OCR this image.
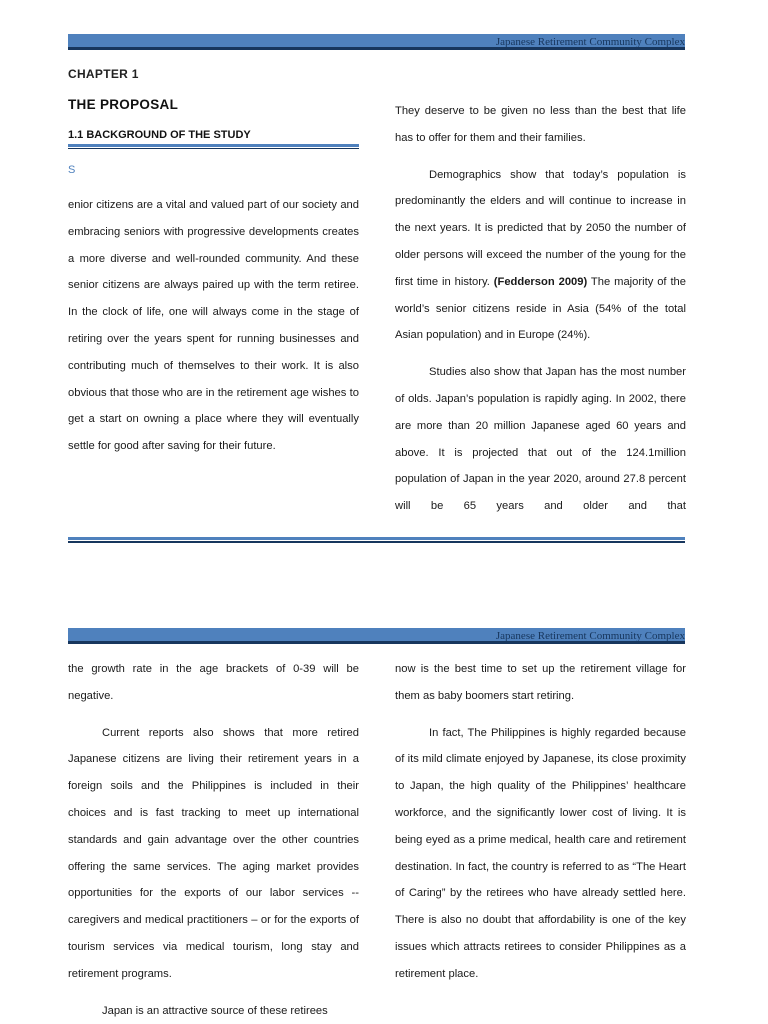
Japanese Retirement Community Complex
CHAPTER 1
THE PROPOSAL
1.1 BACKGROUND OF THE STUDY
S

enior citizens are a vital and valued part of our society and embracing seniors with progressive developments creates a more diverse and well-rounded community. And these senior citizens are always paired up with the term retiree. In the clock of life, one will always come in the stage of retiring over the years spent for running businesses and contributing much of themselves to their work. It is also obvious that those who are in the retirement age wishes to get a start on owning a place where they will eventually settle for good after saving for their future.

They deserve to be given no less than the best that life has to offer for them and their families.

Demographics show that today’s population is predominantly the elders and will continue to increase in the next years. It is predicted that by 2050 the number of older persons will exceed the number of the young for the first time in history. (Fedderson 2009) The majority of the world’s senior citizens reside in Asia (54% of the total Asian population) and in Europe (24%).

Studies also show that Japan has the most number of olds. Japan’s population is rapidly aging. In 2002, there are more than 20 million Japanese aged 60 years and above. It is projected that out of the 124.1million population of Japan in the year 2020, around 27.8 percent will be 65 years and older and that

Japanese Retirement Community Complex

the growth rate in the age brackets of 0-39 will be negative.

Current reports also shows that more retired Japanese citizens are living their retirement years in a foreign soils and the Philippines is included in their choices and is fast tracking to meet up international standards and gain advantage over the other countries offering the same services. The aging market provides opportunities for the exports of our labor services -- caregivers and medical practitioners – or for the exports of tourism services via medical tourism, long stay and retirement programs.

Japan is an attractive source of these retirees

now is the best time to set up the retirement village for them as baby boomers start retiring.

In fact, The Philippines is highly regarded because of its mild climate enjoyed by Japanese, its close proximity to Japan, the high quality of the Philippines’ healthcare workforce, and the significantly lower cost of living. It is being eyed as a prime medical, health care and retirement destination. In fact, the country is referred to as “The Heart of Caring” by the retirees who have already settled here. There is also no doubt that affordability is one of the key issues which attracts retirees to consider Philippines as a retirement place.
